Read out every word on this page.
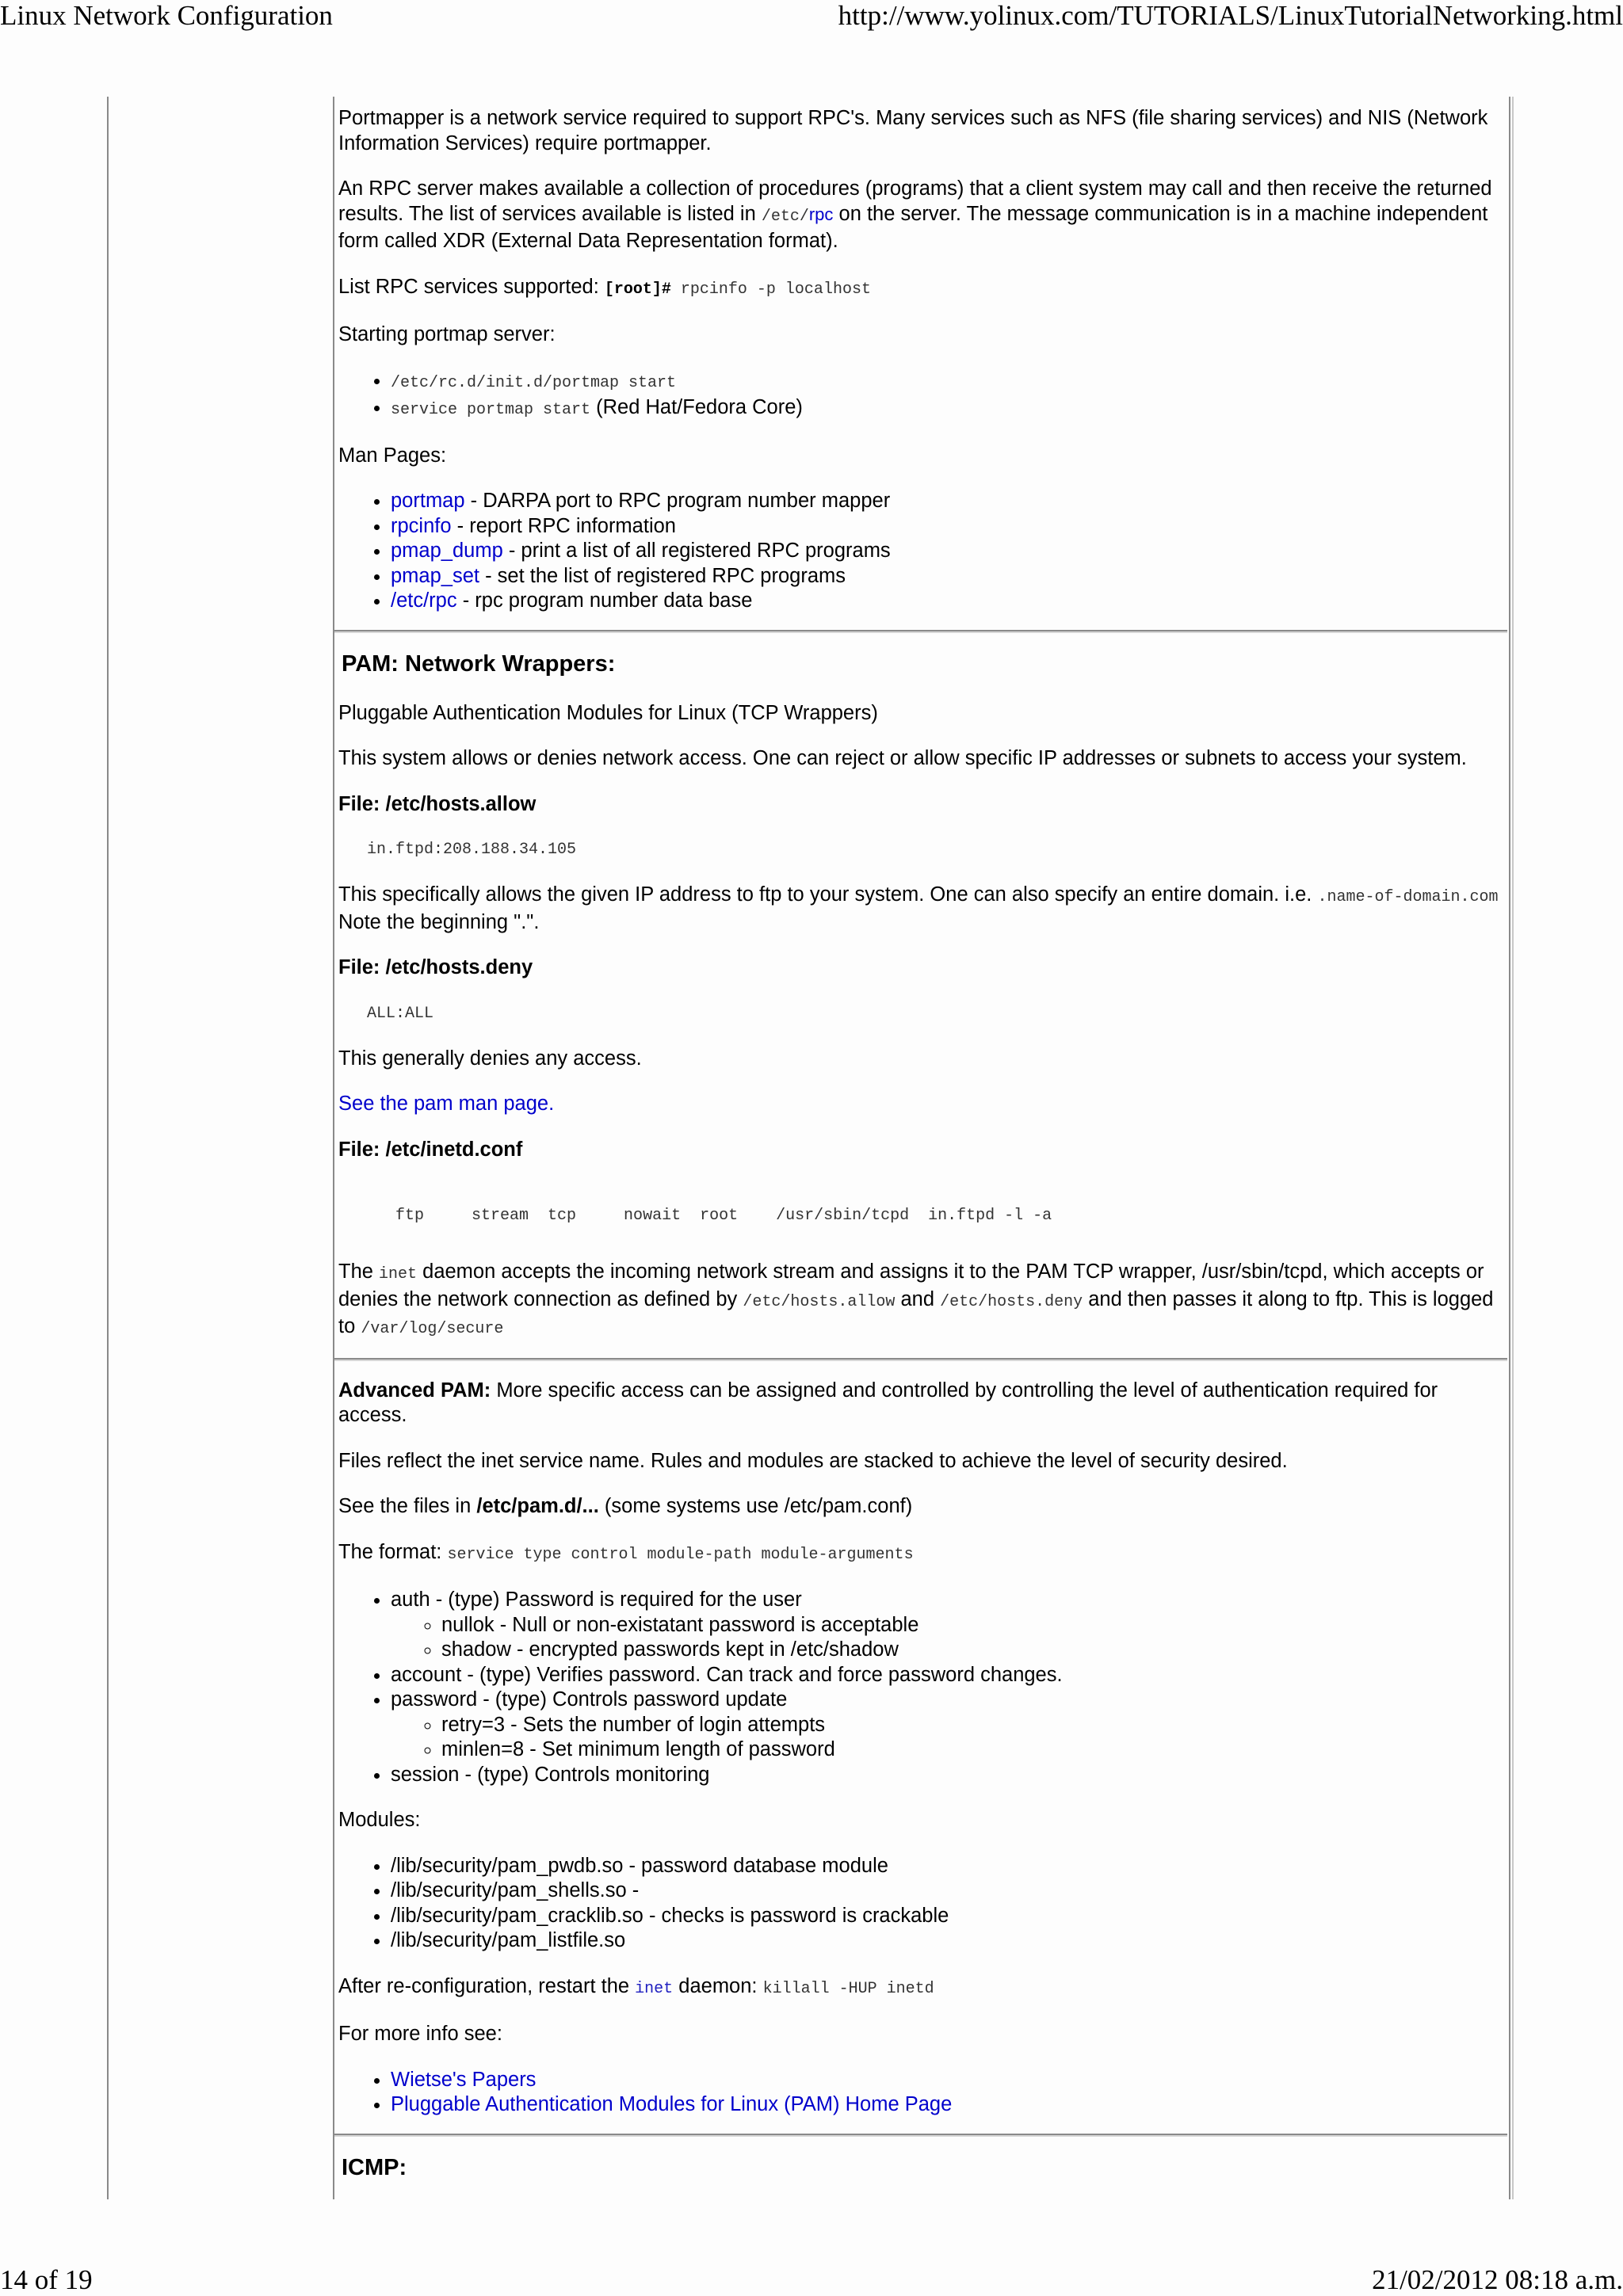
Linux Network Configuration	http://www.yolinux.com/TUTORIALS/LinuxTutorialNetworking.html

Portmapper is a network service required to support RPC's. Many services such as NFS (file sharing services) and NIS (Network Information Services) require portmapper.

An RPC server makes available a collection of procedures (programs) that a client system may call and then receive the returned results. The list of services available is listed in /etc/rpc on the server. The message communication is in a machine independent form called XDR (External Data Representation format).

List RPC services supported: [root]# rpcinfo -p localhost

Starting portmap server:

• /etc/rc.d/init.d/portmap start
• service portmap start (Red Hat/Fedora Core)

Man Pages:

• portmap - DARPA port to RPC program number mapper
• rpcinfo - report RPC information
• pmap_dump - print a list of all registered RPC programs
• pmap_set - set the list of registered RPC programs
• /etc/rpc - rpc program number data base
PAM: Network Wrappers:

Pluggable Authentication Modules for Linux (TCP Wrappers)

This system allows or denies network access. One can reject or allow specific IP addresses or subnets to access your system.

File: /etc/hosts.allow

in.ftpd:208.188.34.105

This specifically allows the given IP address to ftp to your system. One can also specify an entire domain. i.e. .name-of-domain.com
Note the beginning ".".

File: /etc/hosts.deny

ALL:ALL

This generally denies any access.

See the pam man page.

File: /etc/inetd.conf

ftp     stream  tcp     nowait  root    /usr/sbin/tcpd  in.ftpd -l -a

The inet daemon accepts the incoming network stream and assigns it to the PAM TCP wrapper, /usr/sbin/tcpd, which accepts or denies the network connection as defined by /etc/hosts.allow and /etc/hosts.deny and then passes it along to ftp. This is logged to /var/log/secure

Advanced PAM: More specific access can be assigned and controlled by controlling the level of authentication required for access.

Files reflect the inet service name. Rules and modules are stacked to achieve the level of security desired.

See the files in /etc/pam.d/... (some systems use /etc/pam.conf)

The format: service type control module-path module-arguments

• auth - (type) Password is required for the user
◦ nullok - Null or non-existatant password is acceptable
◦ shadow - encrypted passwords kept in /etc/shadow
• account - (type) Verifies password. Can track and force password changes.
• password - (type) Controls password update
◦ retry=3 - Sets the number of login attempts
◦ minlen=8 - Set minimum length of password
• session - (type) Controls monitoring

Modules:

• /lib/security/pam_pwdb.so - password database module
• /lib/security/pam_shells.so -
• /lib/security/pam_cracklib.so - checks is password is crackable
• /lib/security/pam_listfile.so

After re-configuration, restart the inet daemon: killall -HUP inetd

For more info see:

• Wietse's Papers
• Pluggable Authentication Modules for Linux (PAM) Home Page
ICMP:
14 of 19	21/02/2012 08:18 a.m.
